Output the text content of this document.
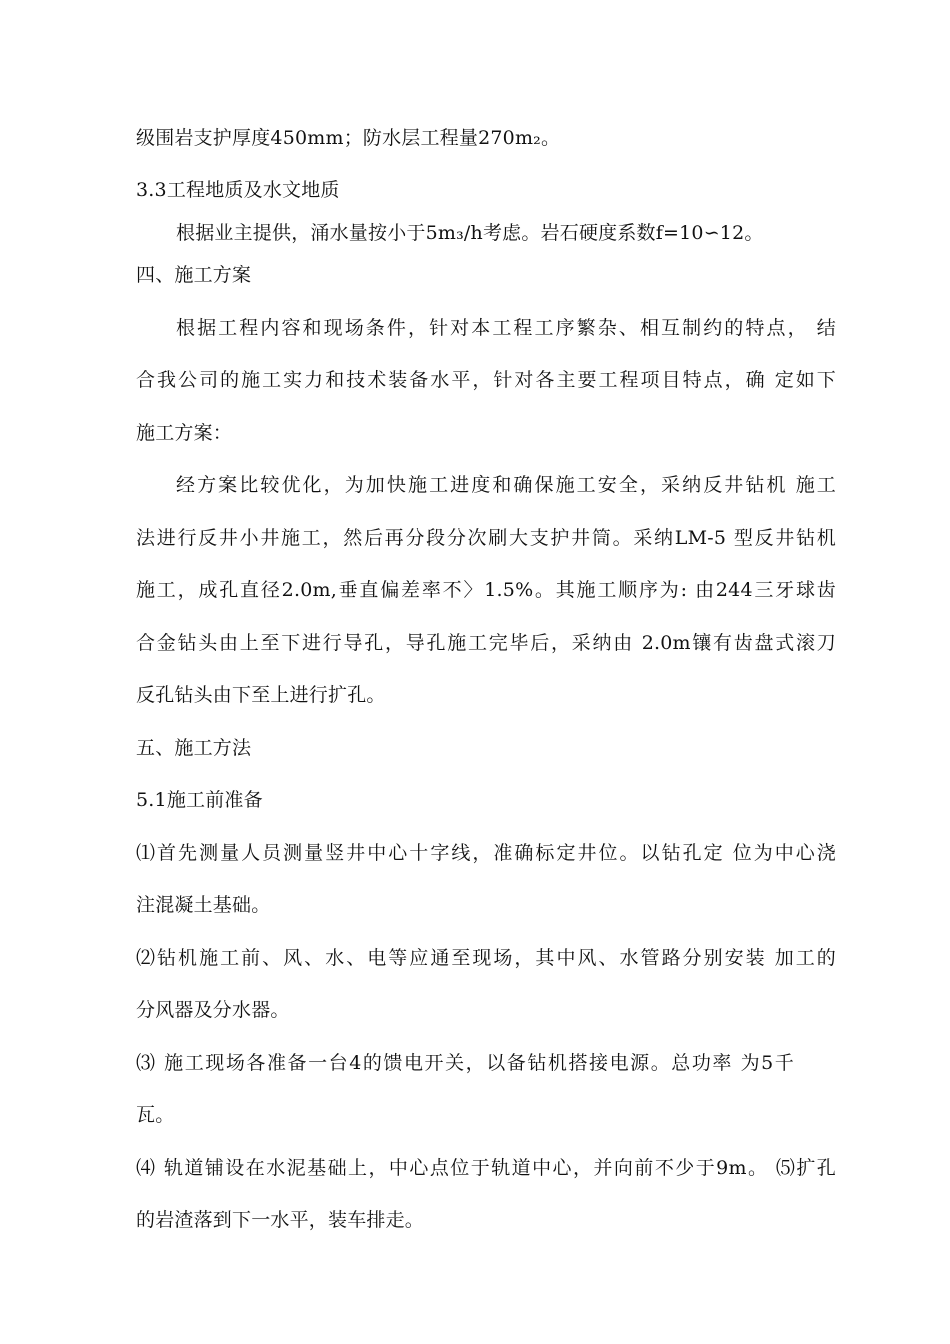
级围岩支护厚度450mm；防水层工程量270m₂。
3.3工程地质及水文地质
根据业主提供，涌水量按小于5m₃/h考虑。岩石硬度系数f=10∽12。
四、施工方案
根据工程内容和现场条件，针对本工程工序繁杂、相互制约的特点， 结
合我公司的施工实力和技术装备水平，针对各主要工程项目特点，确 定如下
施工方案：
经方案比较优化，为加快施工进度和确保施工安全，采纳反井钻机 施工
法进行反井小井施工，然后再分段分次刷大支护井筒。采纳LM-5 型反井钻机
施工，成孔直径2.0m,垂直偏差率不〉1.5%。其施工顺序为: 由244三牙球齿
合金钻头由上至下进行导孔，导孔施工完毕后，采纳由 2.0m镶有齿盘式滚刀
反孔钻头由下至上进行扩孔。
五、施工方法
5.1施工前准备
⑴首先测量人员测量竖井中心十字线，准确标定井位。以钻孔定 位为中心浇
注混凝土基础。
⑵钻机施工前、风、水、电等应通至现场，其中风、水管路分别安装 加工的
分风器及分水器。
⑶ 施工现场各准备一台4的馈电开关，以备钻机搭接电源。总功率 为5千
瓦。
⑷ 轨道铺设在水泥基础上，中心点位于轨道中心，并向前不少于9m。 ⑸扩孔
的岩渣落到下一水平，装车排走。
